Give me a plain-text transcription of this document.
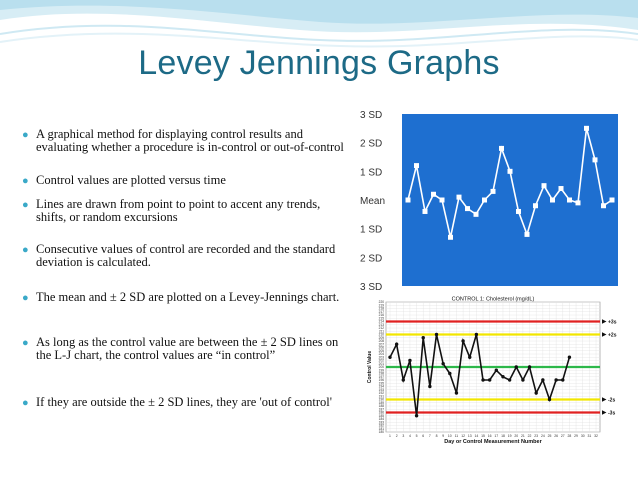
Levey Jennings Graphs
● A graphical method for displaying control results and evaluating whether a procedure is in-control or out-of-control
● Control values are plotted versus time
● Lines are drawn from point to point to accent any trends, shifts, or random excursions
● Consecutive values of control are recorded and the standard deviation is calculated.
● The mean and ± 2 SD are plotted on a Levey-Jennings chart.
● As long as the control value are between the ± 2 SD lines on the L-J chart, the control values are “in control”
● If they are outside the ± 2 SD lines, they are 'out of control'
3 SD
2 SD
1 SD
Mean
1 SD
2 SD
3 SD
180
181
182
183
184
185
186
187
188
189
190
191
192
193
194
195
196
197
198
199
200
201
202
203
204
205
206
207
208
209
210
211
212
213
214
215
216
217
218
219
220
1 2 3 4 5 6 7 8 9 10 11 12 13 14 15 16 17 18 19 20 21 22 23 24 25 26 27 28 29 30 31 32
+3s
+2s
-2s
-3s
CONTROL 1: Cholesterol (mg/dL)
Day or Control Measurement Number
Control Value
